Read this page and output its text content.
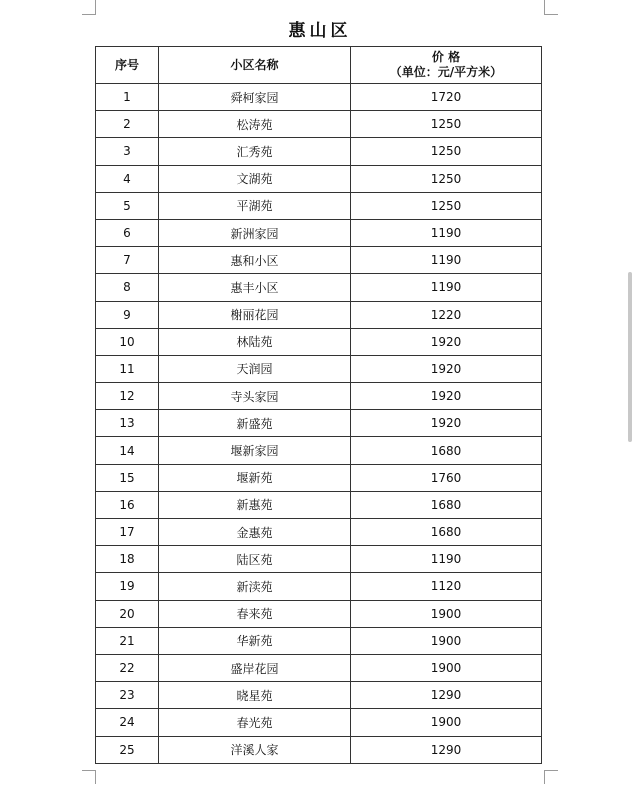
惠山区
序号	小区名称	价 格
（单位：元/平方米）

1	舜柯家园	1720
2	松涛苑	1250
3	汇秀苑	1250
4	文湖苑	1250
5	平湖苑	1250
6	新洲家园	1190
7	惠和小区	1190
8	惠丰小区	1190
9	榭丽花园	1220
10	林陆苑	1920
11	天润园	1920
12	寺头家园	1920
13	新盛苑	1920
14	堰新家园	1680
15	堰新苑	1760
16	新惠苑	1680
17	金惠苑	1680
18	陆区苑	1190
19	新渎苑	1120
20	春来苑	1900
21	华新苑	1900
22	盛岸花园	1900
23	晓星苑	1290
24	春光苑	1900
25	洋溪人家	1290
